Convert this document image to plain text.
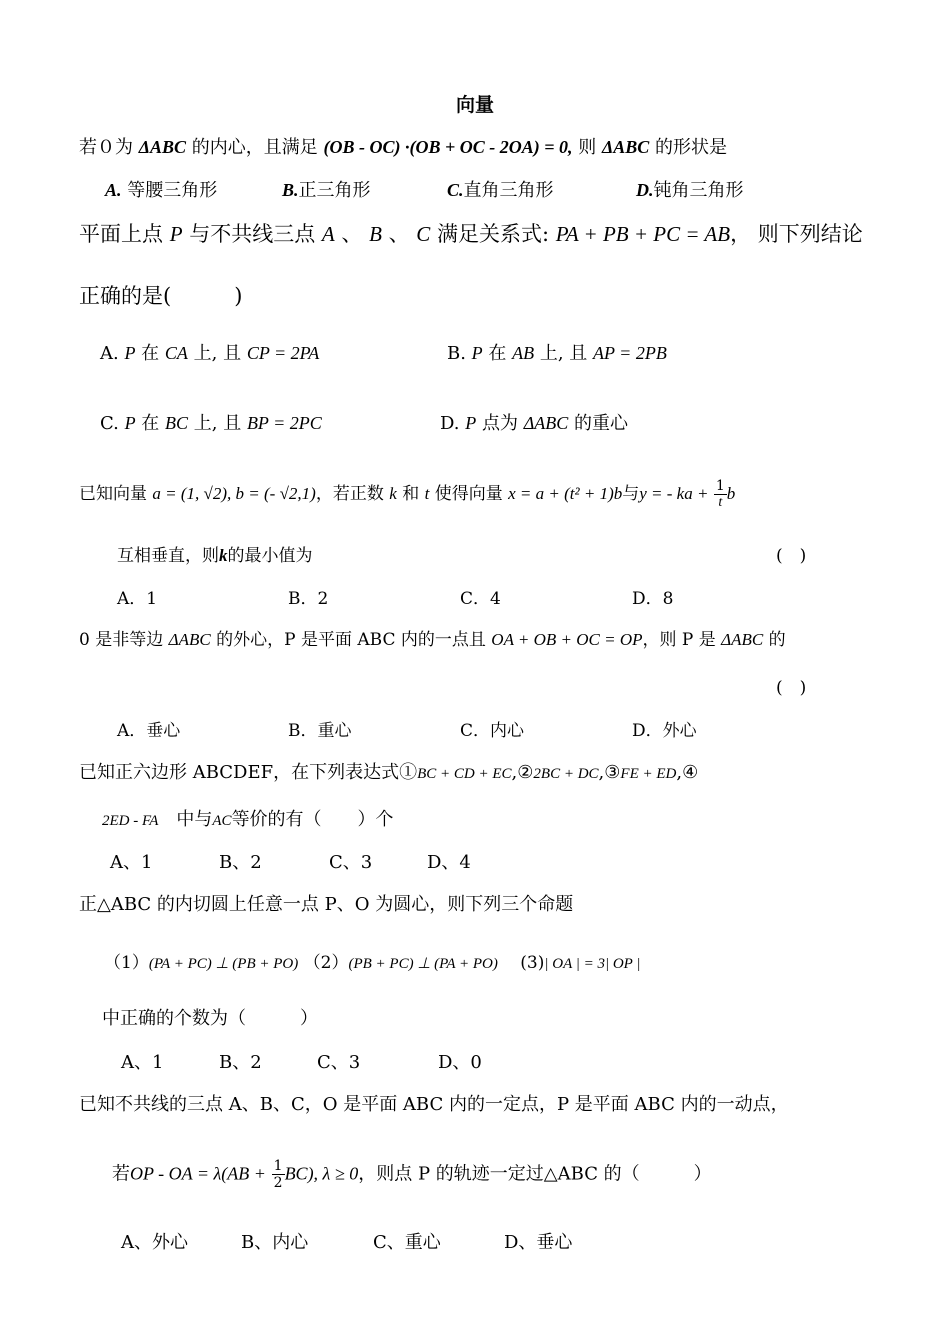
向量
若０为 ΔABC 的内心，且满足 (OB - OC) ·(OB + OC - 2OA) = 0, 则 ΔABC 的形状是
A. 等腰三角形	B.正三角形	C.直角三角形	D.钝角三角形
平面上点 P 与不共线三点 A 、 B 、 C 满足关系式: PA + PB + PC = AB， 则下列结论
正确的是(　　　)
A. P 在 CA 上, 且 CP = 2PA	B. P 在 AB 上, 且 AP = 2PB
C. P 在 BC 上, 且 BP = 2PC	D. P 点为 ΔABC 的重心
已知向量 a = (1, √2), b = (- √2,1)，若正数 k 和 t 使得向量 x = a + (t² + 1)b与y = - ka + $\frac{1}{t}$ b
互相垂直，则k的最小值为	(　)
A．1	B．2	C．4	D．8
0 是非等边 ΔABC 的外心，P 是平面 ABC 内的一点且 OA + OB + OC = OP，则 P 是 ΔABC 的
(　)
A．垂心	B．重心	C．内心	D．外心
已知正六边形 ABCDEF，在下列表达式①BC + CD + EC,②2BC + DC,③FE + ED,④
2ED - FA　 中与AC等价的有（　　）个
A、1	B、2	C、3	D、4
正△ABC 的内切圆上任意一点 P、O 为圆心，则下列三个命题
（1）(PA + PC) ⊥ (PB + PO) （2）(PB + PC) ⊥ (PA + PO) 　 (3)| OA | = 3| OP |
中正确的个数为（　　　）
A、1	B、2	C、3	D、0
已知不共线的三点 A、B、C，O 是平面 ABC 内的一定点，P 是平面 ABC 内的一动点，
若OP - OA = $\lambda(AB + \frac{1}{2} BC)$, λ ≥ 0，则点 P 的轨迹一定过△ABC 的（　　　）
A、外心	B、内心	C、重心	D、垂心
